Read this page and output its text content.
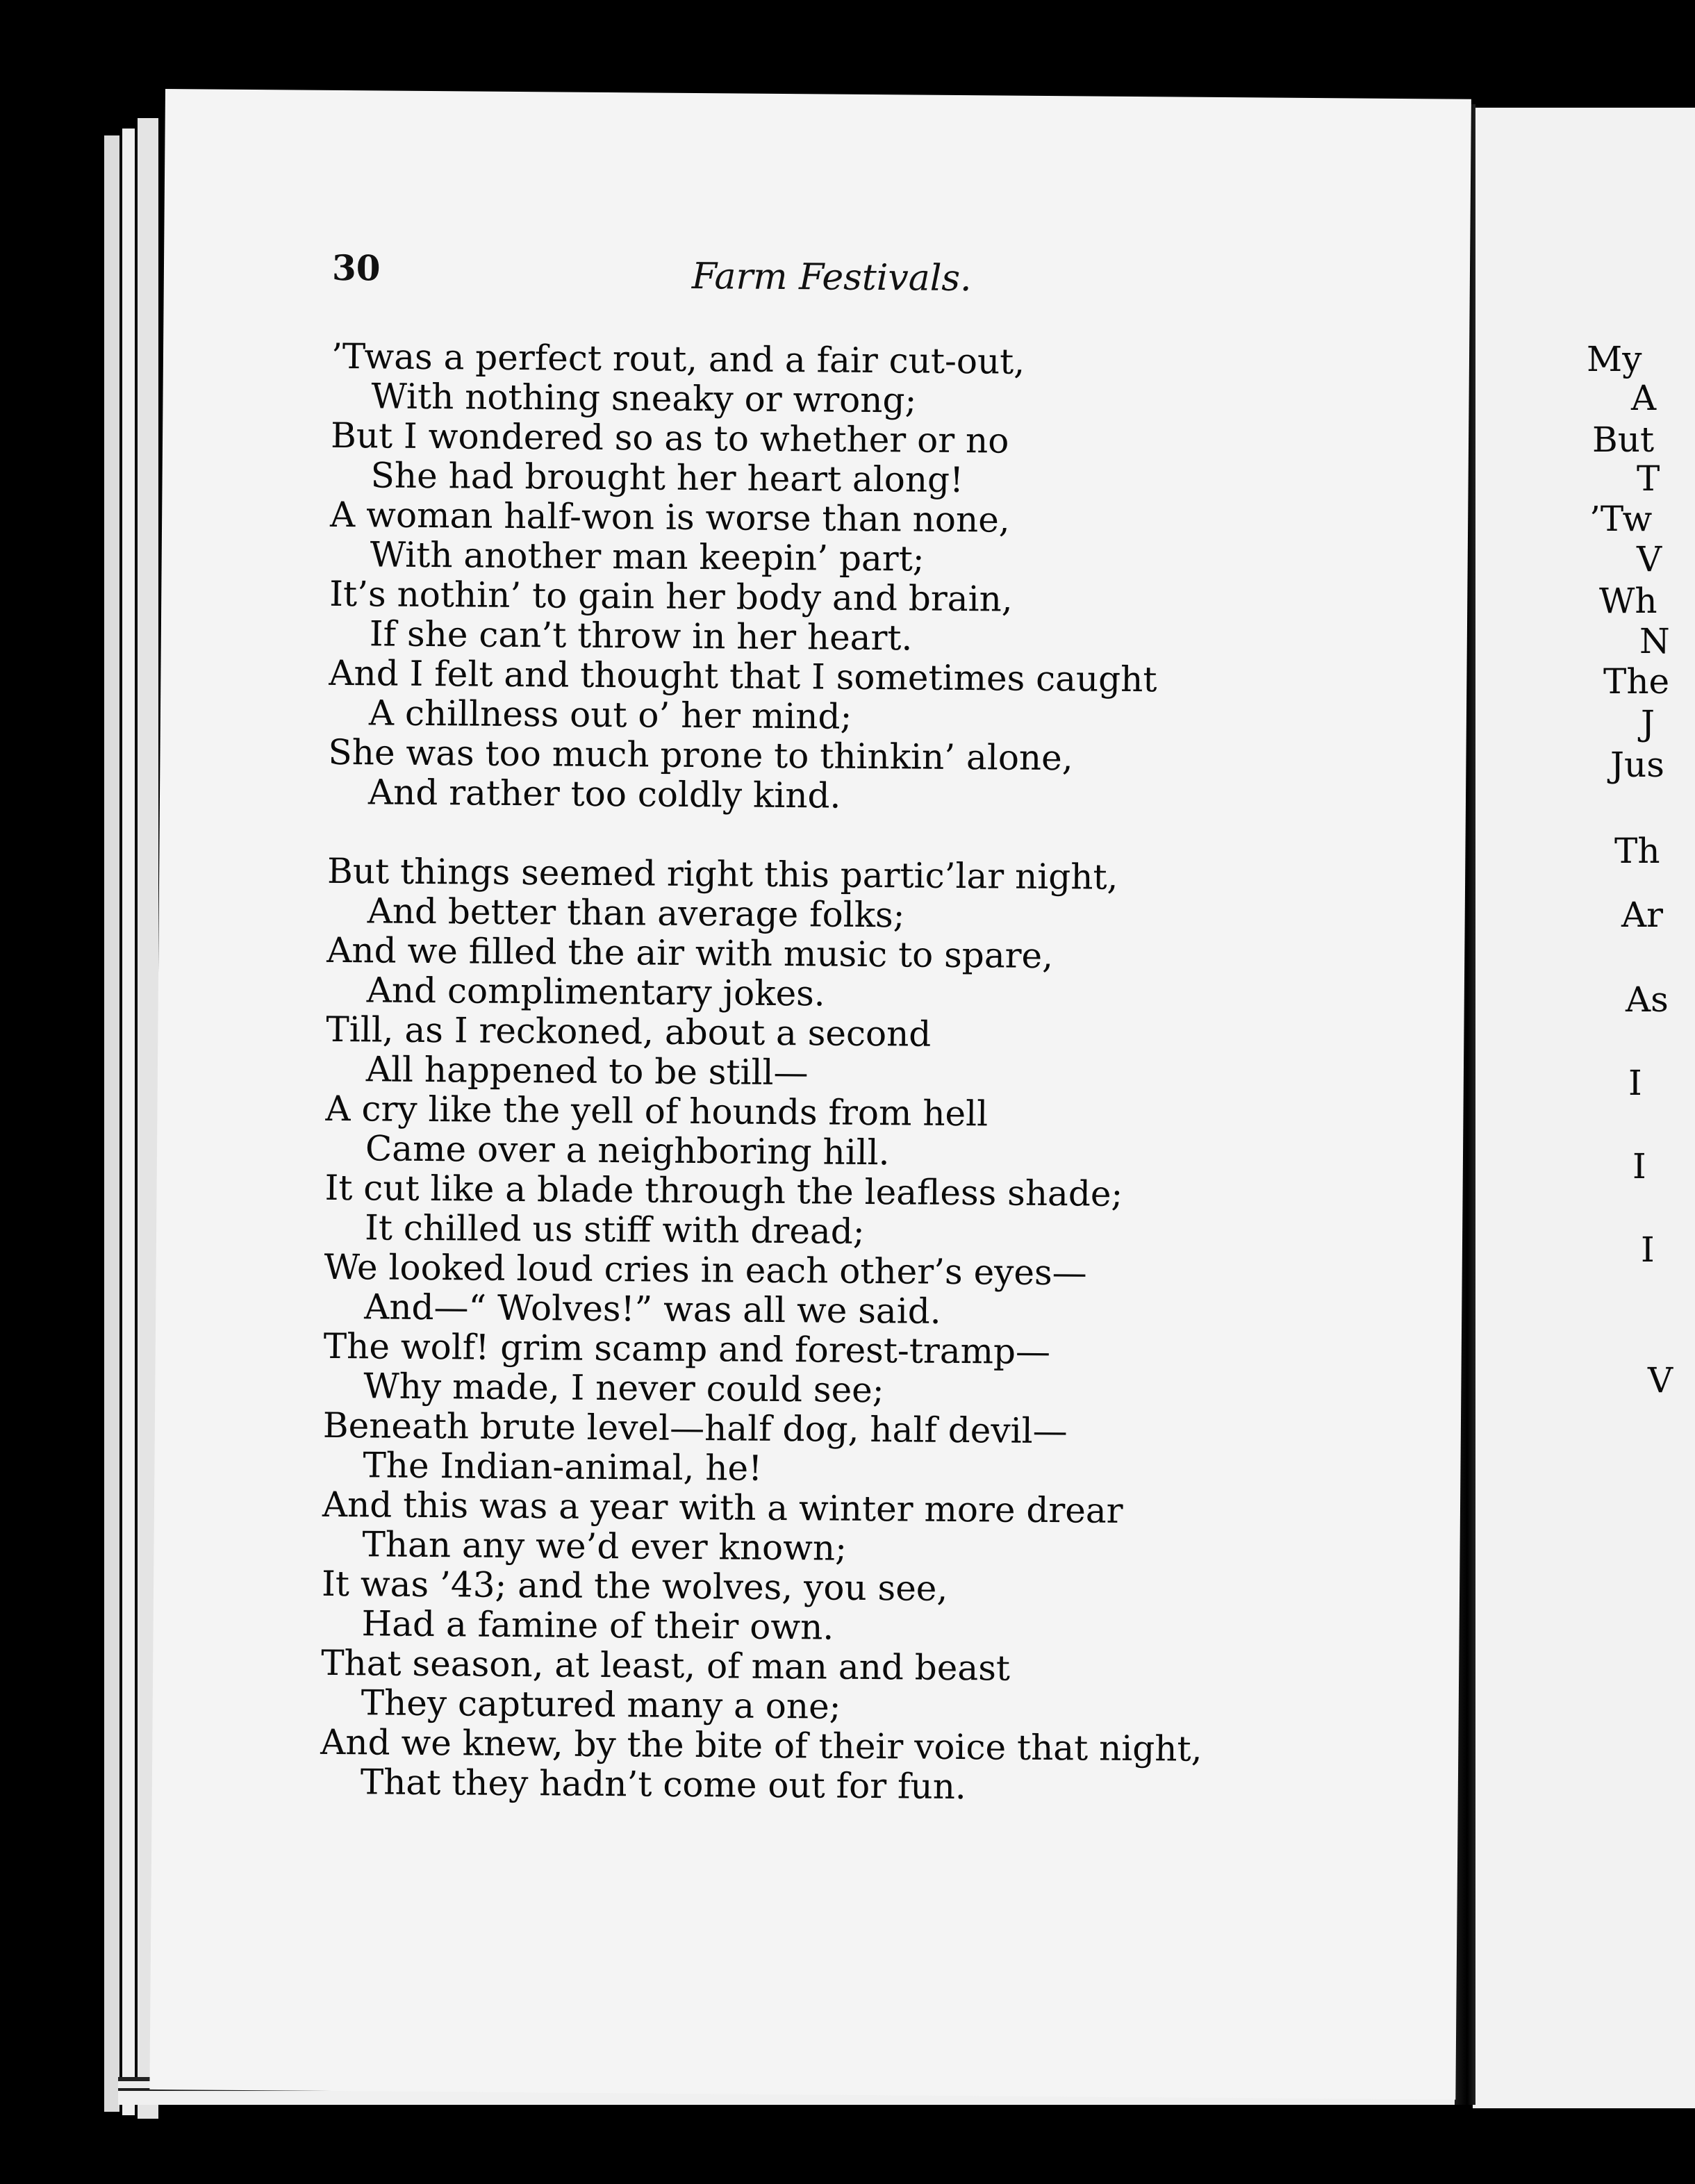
30	Farm Festivals.
’Twas a perfect rout, and a fair cut-out,
With nothing sneaky or wrong;
But I wondered so as to whether or no
She had brought her heart along!
A woman half-won is worse than none,
With another man keepin’ part;
It’s nothin’ to gain her body and brain,
If she can’t throw in her heart.
And I felt and thought that I sometimes caught
A chillness out o’ her mind;
She was too much prone to thinkin’ alone,
And rather too coldly kind.
But things seemed right this partic’lar night,
And better than average folks;
And we filled the air with music to spare,
And complimentary jokes.
Till, as I reckoned, about a second
All happened to be still—
A cry like the yell of hounds from hell
Came over a neighboring hill.
It cut like a blade through the leafless shade;
It chilled us stiff with dread;
We looked loud cries in each other’s eyes—
And—“ Wolves!” was all we said.
The wolf! grim scamp and forest-tramp—
Why made, I never could see;
Beneath brute level—half dog, half devil—
The Indian-animal, he!
And this was a year with a winter more drear
Than any we’d ever known;
It was ’43; and the wolves, you see,
Had a famine of their own.
That season, at least, of man and beast
They captured many a one;
And we knew, by the bite of their voice that night,
That they hadn’t come out for fun.
My
A
But
T
’Tw
V
Wh
N
The
J
Jus
Th
Ar
As
I
I
I
V
